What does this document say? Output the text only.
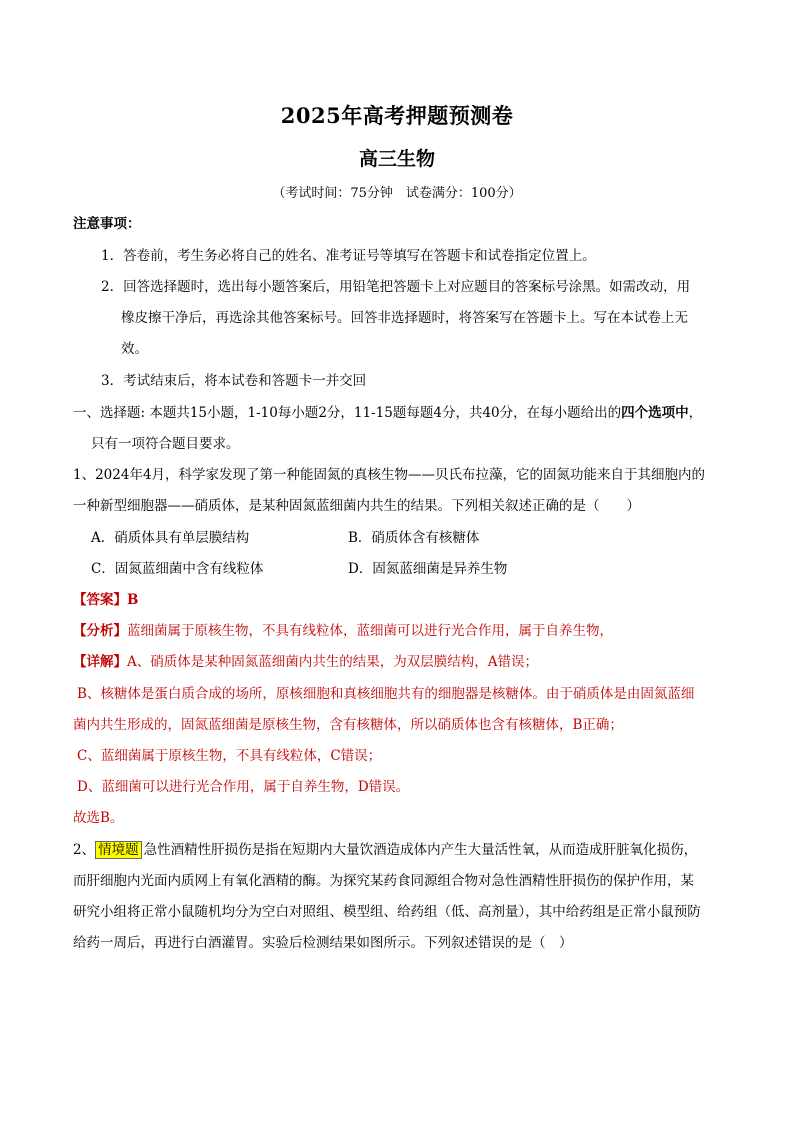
2025年高考押题预测卷
高三生物
（考试时间：75分钟　试卷满分：100分）
注意事项：
1．答卷前，考生务必将自己的姓名、准考证号等填写在答题卡和试卷指定位置上。
2．回答选择题时，选出每小题答案后，用铅笔把答题卡上对应题目的答案标号涂黑。如需改动，用
橡皮擦干净后，再选涂其他答案标号。回答非选择题时，将答案写在答题卡上。写在本试卷上无
效。
3．考试结束后，将本试卷和答题卡一并交回
一、选择题: 本题共15小题，1-10每小题2分，11-15题每题4分，共40分，在每小题给出的四个选项中，
只有一项符合题目要求。
1、2024年4月，科学家发现了第一种能固氮的真核生物——贝氏布拉藻，它的固氮功能来自于其细胞内的
一种新型细胞器——硝质体，是某种固氮蓝细菌内共生的结果。下列相关叙述正确的是（　　）
A．硝质体具有单层膜结构	B．硝质体含有核糖体
C．固氮蓝细菌中含有线粒体	D．固氮蓝细菌是异养生物
【答案】B
【分析】蓝细菌属于原核生物，不具有线粒体，蓝细菌可以进行光合作用，属于自养生物，
【详解】A、硝质体是某种固氮蓝细菌内共生的结果，为双层膜结构，A错误；
B、核糖体是蛋白质合成的场所，原核细胞和真核细胞共有的细胞器是核糖体。由于硝质体是由固氮蓝细
菌内共生形成的，固氮蓝细菌是原核生物，含有核糖体，所以硝质体也含有核糖体，B正确；
C、蓝细菌属于原核生物，不具有线粒体，C错误；
D、蓝细菌可以进行光合作用，属于自养生物，D错误。
故选B。
2、 情境题 急性酒精性肝损伤是指在短期内大量饮酒造成体内产生大量活性氧，从而造成肝脏氧化损伤，
而肝细胞内光面内质网上有氧化酒精的酶。为探究某药食同源组合物对急性酒精性肝损伤的保护作用，某
研究小组将正常小鼠随机均分为空白对照组、模型组、给药组（低、高剂量），其中给药组是正常小鼠预防
给药一周后，再进行白酒灌胃。实验后检测结果如图所示。下列叙述错误的是（　）
